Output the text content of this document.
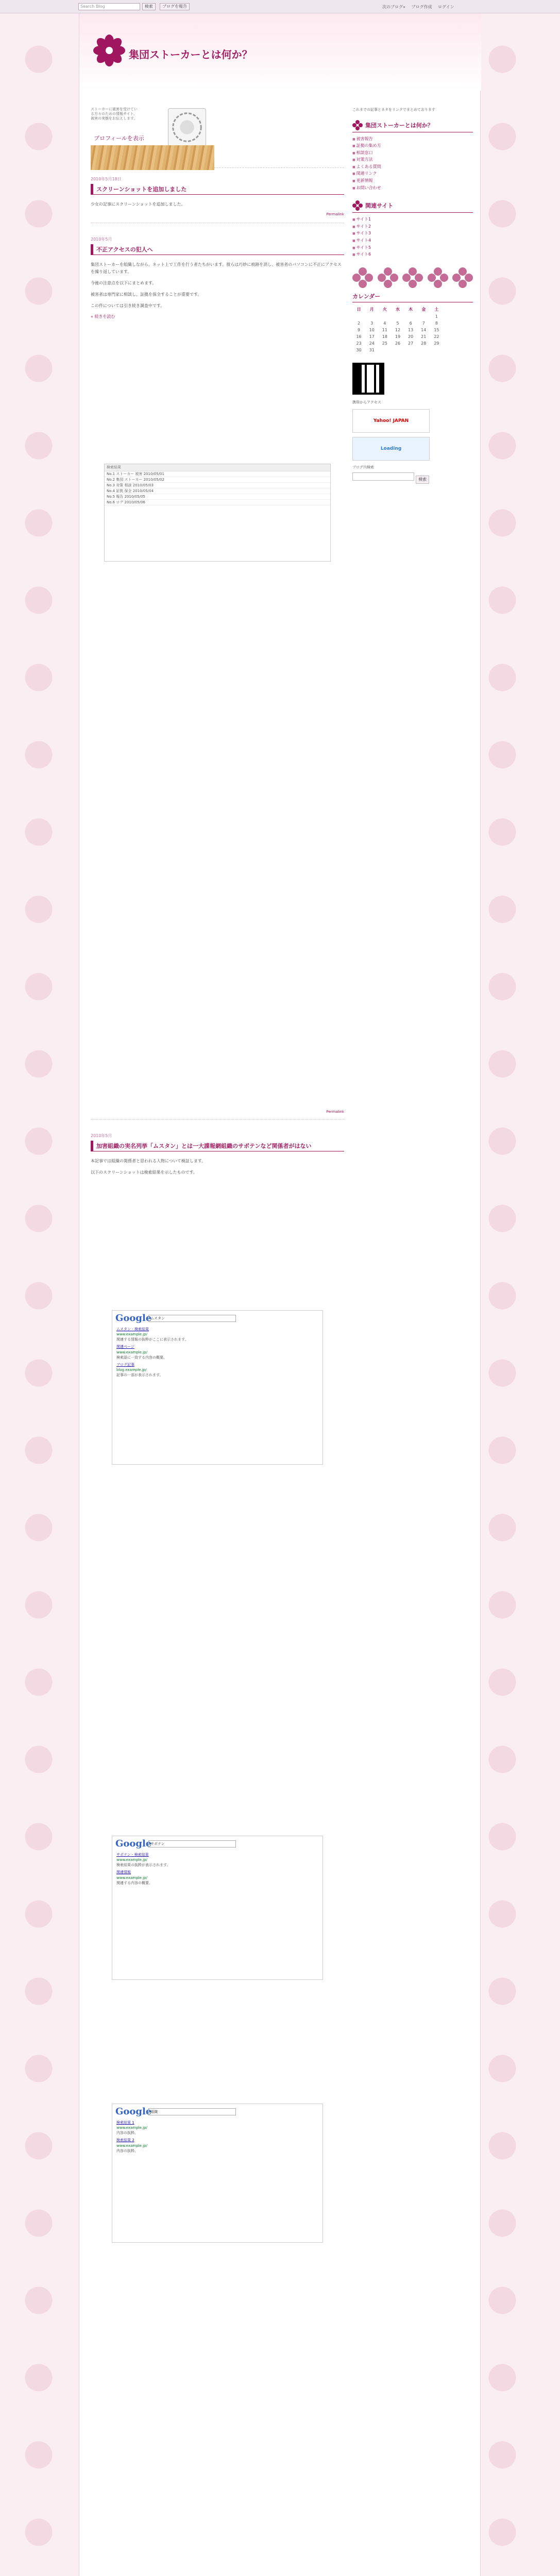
Search Blog	検索	ブログを報告	次のブログ» ブログ作成 ログイン
集団ストーカーとは何か？
ストーカーに被害を受けている方々のための情報サイト。被害の実態をお伝えします。
プロフィールを表示
2010年5月18日
スクリーンショットを追加しました

少女の記事にスクリーンショットを追加しました。

Permalink
2010年5月
不正アクセスの犯人へ

集団ストーカーを組織しながら、ネット上で工作を行う者たちがいます。彼らは巧妙に痕跡を消し、被害者のパソコンに不正にアクセスを繰り返しています。

今後の注意点を以下にまとめます。

被害者は専門家に相談し、証拠を保全することが重要です。

この件については引き続き調査中です。

« 続きを読む
検索結果
No.1 ストーカー 被害 2010/05/01
No.2 集団 ストーカー 2010/05/02
No.3 対策 相談 2010/05/03
No.4 証拠 保全 2010/05/04
No.5 報告 2010/05/05
No.6 ログ 2010/05/06
Permalink
2010年5月
加害組織の実名列挙「ムスタン」とは一大諜報網組織のサポテンなど関係者がはない

本記事では組織の関係者と思われる人物について検証します。

以下のスクリーンショットは検索結果を示したものです。

Google
ムスタン
ムスタン - 検索結果
www.example.jp/
関連する情報の抜粋がここに表示されます。
関連ページ
www.example.jp/
検索語に一致する内容の概要。
ブログ記事
blog.example.jp/
記事の一部が表示されます。
Google
サポテン
サポテン - 検索結果
www.example.jp/
検索結果の抜粋が表示されます。
関連情報
www.example.jp/
関連する内容の概要。
Google
組織
検索結果 1
www.example.jp/
内容の抜粋。
検索結果 2
www.example.jp/
内容の抜粋。
これまでの記事とネタをリンクでまとめております
集団ストーカーとは何か？
■ 被害報告
■ 証拠の集め方
■ 相談窓口
■ 対策方法
■ よくある質問
■ 関連リンク
■ 更新情報
■ お問い合わせ
関連サイト
■ サイト1
■ サイト2
■ サイト3
■ サイト4
■ サイト5
■ サイト6
カレンダー
日	月	火	水	木	金	土
						1
2	3	4	5	6	7	8
9	10	11	12	13	14	15
16	17	18	19	20	21	22
23	24	25	26	27	28	29
30	31					
携帯からアクセス
Yahoo! JAPAN
Loading
ブログ内検索
検索
